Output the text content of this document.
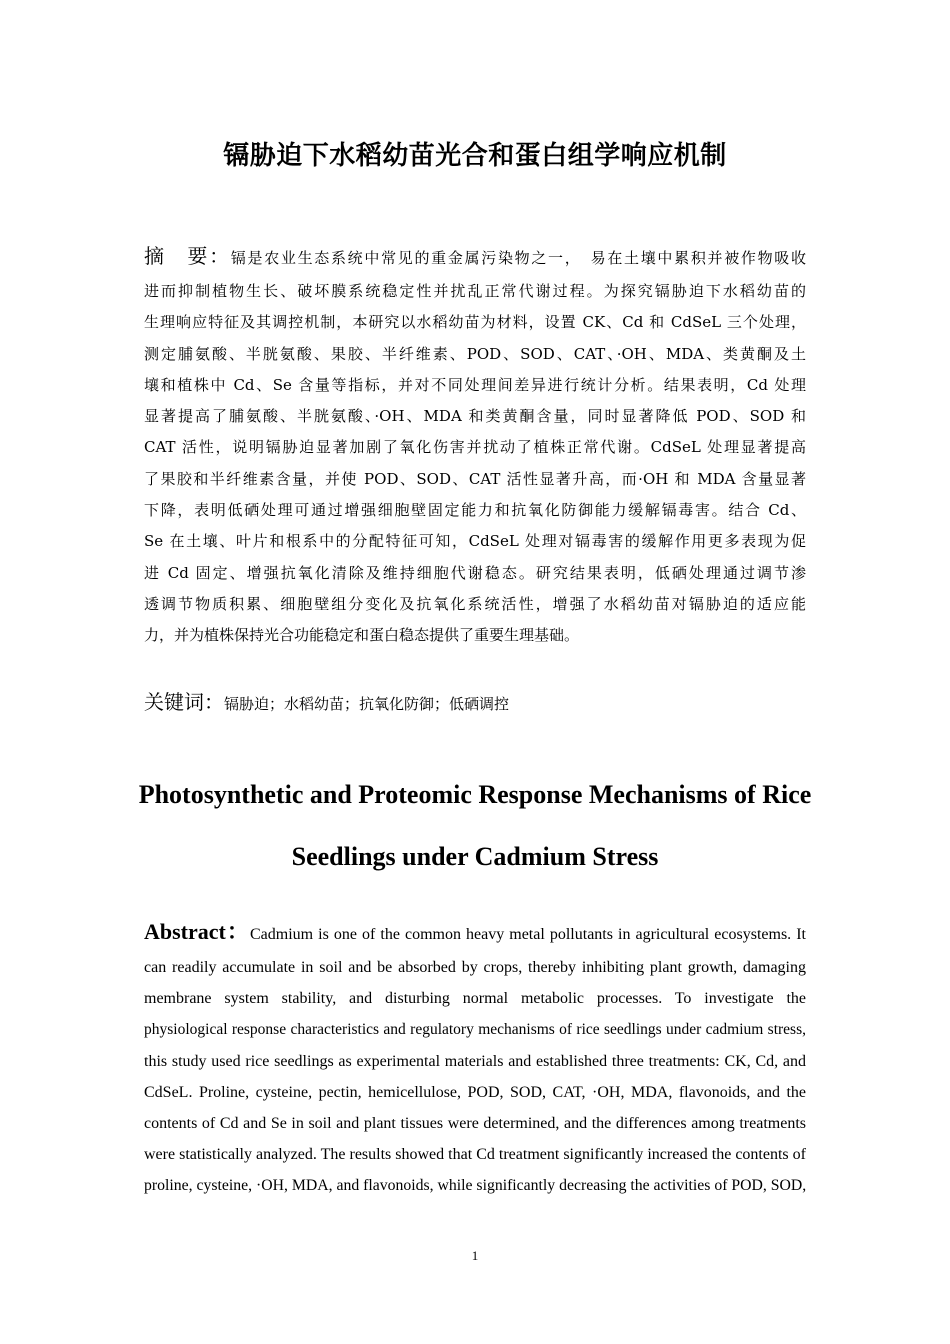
镉胁迫下水稻幼苗光合和蛋白组学响应机制
摘　要：镉是农业生态系统中常见的重金属污染物之一，　易在土壤中累积并被作物吸收
进而抑制植物生长、破坏膜系统稳定性并扰乱正常代谢过程。为探究镉胁迫下水稻幼苗的
生理响应特征及其调控机制，本研究以水稻幼苗为材料，设置 CK、Cd 和 CdSeL 三个处理，
测定脯氨酸、半胱氨酸、果胶、半纤维素、POD、SOD、CAT、·OH、MDA、类黄酮及土
壤和植株中 Cd、Se 含量等指标，并对不同处理间差异进行统计分析。结果表明，Cd 处理
显著提高了脯氨酸、半胱氨酸、·OH、MDA 和类黄酮含量，同时显著降低 POD、SOD 和
CAT 活性，说明镉胁迫显著加剧了氧化伤害并扰动了植株正常代谢。CdSeL 处理显著提高
了果胶和半纤维素含量，并使 POD、SOD、CAT 活性显著升高，而·OH 和 MDA 含量显著
下降，表明低硒处理可通过增强细胞壁固定能力和抗氧化防御能力缓解镉毒害。结合 Cd、
Se 在土壤、叶片和根系中的分配特征可知，CdSeL 处理对镉毒害的缓解作用更多表现为促
进 Cd 固定、增强抗氧化清除及维持细胞代谢稳态。研究结果表明，低硒处理通过调节渗
透调节物质积累、细胞壁组分变化及抗氧化系统活性，增强了水稻幼苗对镉胁迫的适应能
力，并为植株保持光合功能稳定和蛋白稳态提供了重要生理基础。
关键词：镉胁迫；水稻幼苗；抗氧化防御；低硒调控
Photosynthetic and Proteomic Response Mechanisms of Rice
Seedlings under Cadmium Stress
Abstract：Cadmium is one of the common heavy metal pollutants in agricultural ecosystems. It
can readily accumulate in soil and be absorbed by crops, thereby inhibiting plant growth, damaging
membrane system stability, and disturbing normal metabolic processes. To investigate the
physiological response characteristics and regulatory mechanisms of rice seedlings under cadmium stress,
this study used rice seedlings as experimental materials and established three treatments: CK, Cd, and
CdSeL. Proline, cysteine, pectin, hemicellulose, POD, SOD, CAT, ·OH, MDA, flavonoids, and the
contents of Cd and Se in soil and plant tissues were determined, and the differences among treatments
were statistically analyzed. The results showed that Cd treatment significantly increased the contents of
proline, cysteine, ·OH, MDA, and flavonoids, while significantly decreasing the activities of POD, SOD,
1
